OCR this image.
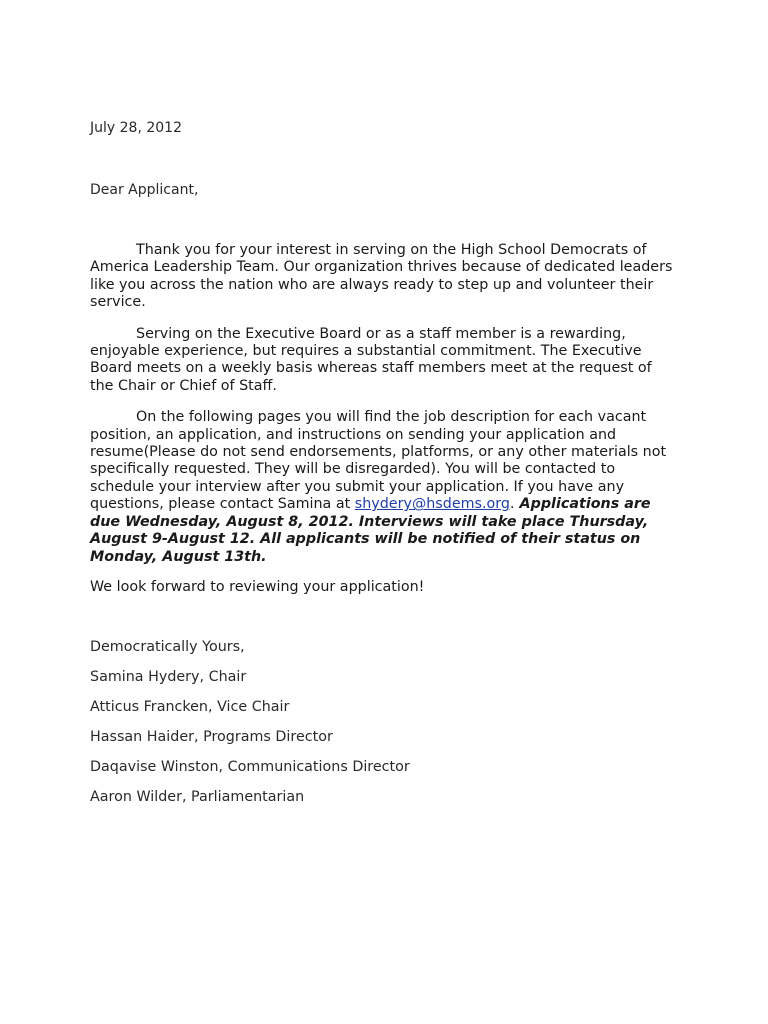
July 28, 2012
Dear Applicant,

Thank you for your interest in serving on the High School Democrats of America Leadership Team. Our organization thrives because of dedicated leaders like you across the nation who are always ready to step up and volunteer their service.

Serving on the Executive Board or as a staff member is a rewarding, enjoyable experience, but requires a substantial commitment. The Executive Board meets on a weekly basis whereas staff members meet at the request of the Chair or Chief of Staff.

On the following pages you will find the job description for each vacant position, an application, and instructions on sending your application and resume(Please do not send endorsements, platforms, or any other materials not specifically requested. They will be disregarded). You will be contacted to schedule your interview after you submit your application. If you have any questions, please contact Samina at shydery@hsdems.org. Applications are due Wednesday, August 8, 2012. Interviews will take place Thursday, August 9-August 12. All applicants will be notified of their status on Monday, August 13th.

We look forward to reviewing your application!
Democratically Yours,
Samina Hydery, Chair
Atticus Francken, Vice Chair
Hassan Haider, Programs Director
Daqavise Winston, Communications Director
Aaron Wilder, Parliamentarian
